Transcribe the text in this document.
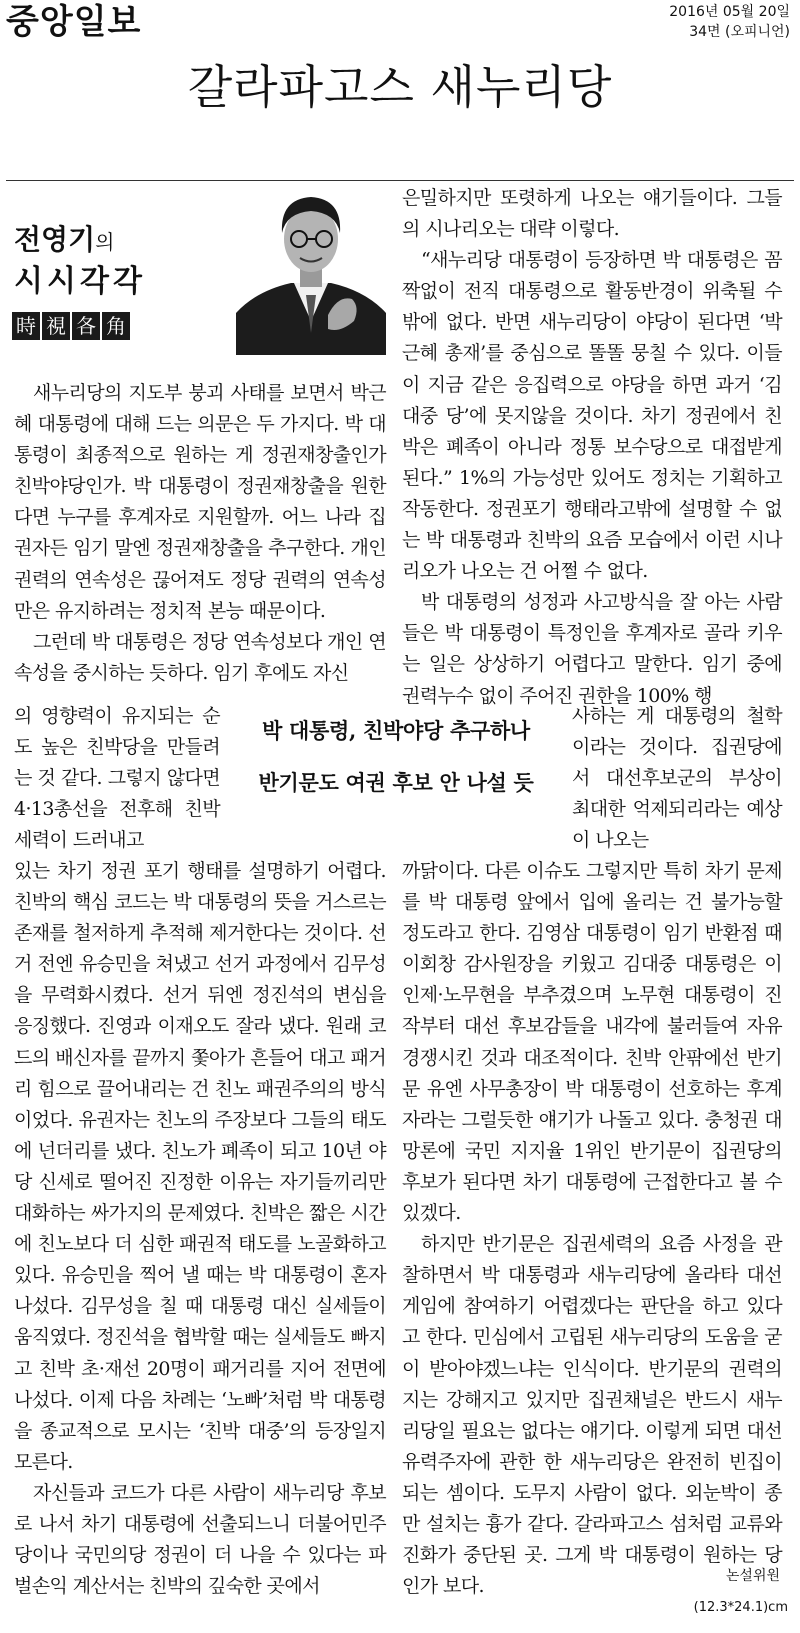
중앙일보	2016년 05월 20일
34면 (오피니언)
갈라파고스 새누리당
전영기의
시시각각
時 視 各 角

새누리당의 지도부 붕괴 사태를 보면서 박근혜 대통령에 대해 드는 의문은 두 가지다. 박 대통령이 최종적으로 원하는 게 정권재창출인가 친박야당인가. 박 대통령이 정권재창출을 원한다면 누구를 후계자로 지원할까. 어느 나라 집권자든 임기 말엔 정권재창출을 추구한다. 개인 권력의 연속성은 끊어져도 정당 권력의 연속성만은 유지하려는 정치적 본능 때문이다.

그런데 박 대통령은 정당 연속성보다 개인 연속성을 중시하는 듯하다. 임기 후에도 자신

의 영향력이 유지되는 순도 높은 친박당을 만들려는 것 같다. 그렇지 않다면 4·13총선을 전후해 친박세력이 드러내고

있는 차기 정권 포기 행태를 설명하기 어렵다. 친박의 핵심 코드는 박 대통령의 뜻을 거스르는 존재를 철저하게 추적해 제거한다는 것이다. 선거 전엔 유승민을 쳐냈고 선거 과정에서 김무성을 무력화시켰다. 선거 뒤엔 정진석의 변심을 응징했다. 진영과 이재오도 잘라 냈다. 원래 코드의 배신자를 끝까지 쫓아가 흔들어 대고 패거리 힘으로 끌어내리는 건 친노 패권주의의 방식이었다. 유권자는 친노의 주장보다 그들의 태도에 넌더리를 냈다. 친노가 폐족이 되고 10년 야당 신세로 떨어진 진정한 이유는 자기들끼리만 대화하는 싸가지의 문제였다. 친박은 짧은 시간에 친노보다 더 심한 패권적 태도를 노골화하고 있다. 유승민을 찍어 낼 때는 박 대통령이 혼자 나섰다. 김무성을 칠 때 대통령 대신 실세들이 움직였다. 정진석을 협박할 때는 실세들도 빠지고 친박 초·재선 20명이 패거리를 지어 전면에 나섰다. 이제 다음 차례는 ‘노빠’처럼 박 대통령을 종교적으로 모시는 ‘친박 대중’의 등장일지 모른다.

자신들과 코드가 다른 사람이 새누리당 후보로 나서 차기 대통령에 선출되느니 더불어민주당이나 국민의당 정권이 더 나을 수 있다는 파벌손익 계산서는 친박의 깊숙한 곳에서

박 대통령, 친박야당 추구하나
반기문도 여권 후보 안 나설 듯

은밀하지만 또렷하게 나오는 얘기들이다. 그들의 시나리오는 대략 이렇다.

“새누리당 대통령이 등장하면 박 대통령은 꼼짝없이 전직 대통령으로 활동반경이 위축될 수밖에 없다. 반면 새누리당이 야당이 된다면 ‘박근혜 총재’를 중심으로 똘똘 뭉칠 수 있다. 이들이 지금 같은 응집력으로 야당을 하면 과거 ‘김대중 당’에 못지않을 것이다. 차기 정권에서 친박은 폐족이 아니라 정통 보수당으로 대접받게 된다.” 1%의 가능성만 있어도 정치는 기획하고 작동한다. 정권포기 행태라고밖에 설명할 수 없는 박 대통령과 친박의 요즘 모습에서 이런 시나리오가 나오는 건 어쩔 수 없다.

박 대통령의 성정과 사고방식을 잘 아는 사람들은 박 대통령이 특정인을 후계자로 골라 키우는 일은 상상하기 어렵다고 말한다. 임기 중에 권력누수 없이 주어진 권한을 100% 행

사하는 게 대통령의 철학이라는 것이다. 집권당에서 대선후보군의 부상이 최대한 억제되리라는 예상이 나오는

까닭이다. 다른 이슈도 그렇지만 특히 차기 문제를 박 대통령 앞에서 입에 올리는 건 불가능할 정도라고 한다. 김영삼 대통령이 임기 반환점 때 이회창 감사원장을 키웠고 김대중 대통령은 이인제·노무현을 부추겼으며 노무현 대통령이 진작부터 대선 후보감들을 내각에 불러들여 자유 경쟁시킨 것과 대조적이다. 친박 안팎에선 반기문 유엔 사무총장이 박 대통령이 선호하는 후계자라는 그럴듯한 얘기가 나돌고 있다. 충청권 대망론에 국민 지지율 1위인 반기문이 집권당의 후보가 된다면 차기 대통령에 근접한다고 볼 수 있겠다.

하지만 반기문은 집권세력의 요즘 사정을 관찰하면서 박 대통령과 새누리당에 올라타 대선 게임에 참여하기 어렵겠다는 판단을 하고 있다고 한다. 민심에서 고립된 새누리당의 도움을 굳이 받아야겠느냐는 인식이다. 반기문의 권력의지는 강해지고 있지만 집권채널은 반드시 새누리당일 필요는 없다는 얘기다. 이렇게 되면 대선 유력주자에 관한 한 새누리당은 완전히 빈집이 되는 셈이다. 도무지 사람이 없다. 외눈박이 종만 설치는 흉가 같다. 갈라파고스 섬처럼 교류와 진화가 중단된 곳. 그게 박 대통령이 원하는 당인가 보다.	논설위원
(12.3*24.1)cm
